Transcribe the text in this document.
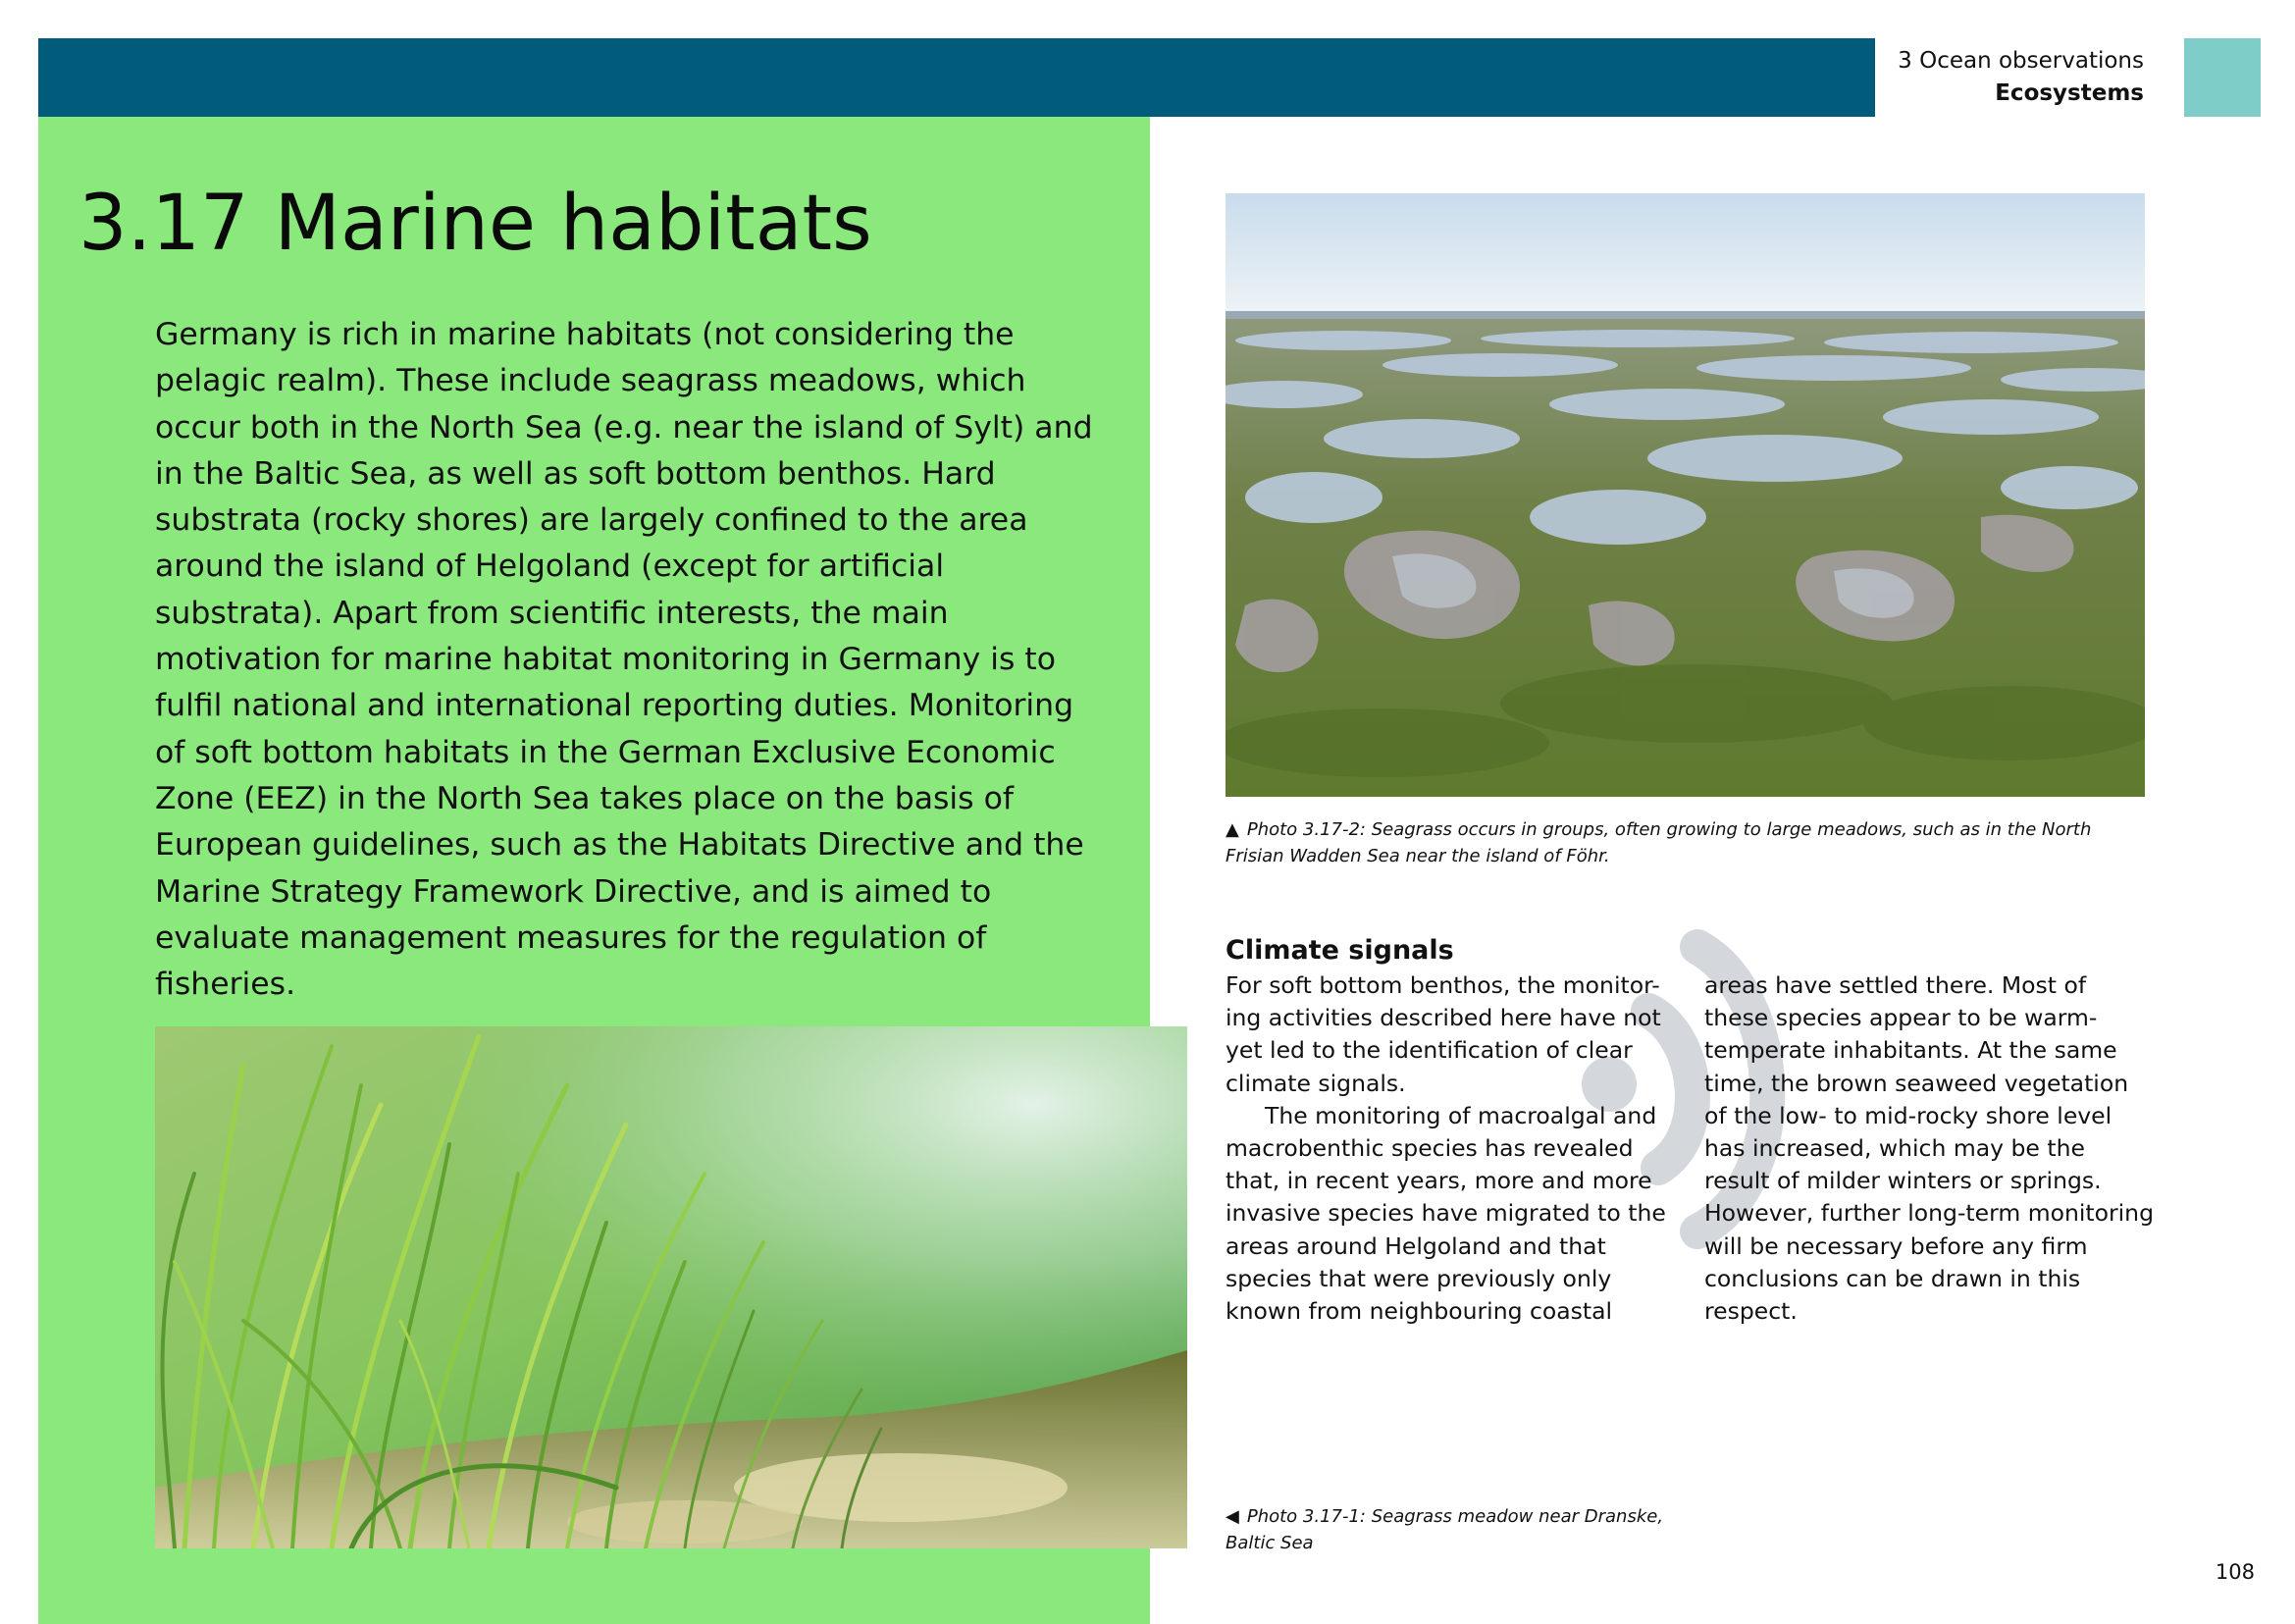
3 Ocean observations
Ecosystems
3.17 Marine habitats

Germany is rich in marine habitats (not considering the pelagic realm). These include seagrass meadows, which occur both in the North Sea (e.g. near the island of Sylt) and in the Baltic Sea, as well as soft bottom benthos. Hard substrata (rocky shores) are largely confined to the area around the island of Helgoland (except for artificial substrata). Apart from scientific interests, the main motivation for marine habitat monitoring in Germany is to fulfil national and international reporting duties. Monitoring of soft bottom habitats in the German Exclusive Economic Zone (EEZ) in the North Sea takes place on the basis of European guidelines, such as the Habitats Directive and the Marine Strategy Framework Directive, and is aimed to evaluate management measures for the regulation of fisheries.

▲ Photo 3.17-2: Seagrass occurs in groups, often growing to large meadows, such as in the North Frisian Wadden Sea near the island of Föhr.

Climate signals

For soft bottom benthos, the monitor-ing activities described here have not yet led to the identification of clear climate signals.

The monitoring of macroalgal and macrobenthic species has revealed that, in recent years, more and more invasive species have migrated to the areas around Helgoland and that species that were previously only known from neighbouring coastal

areas have settled there. Most of these species appear to be warm-temperate inhabitants. At the same time, the brown seaweed vegetation of the low- to mid-rocky shore level has increased, which may be the result of milder winters or springs. However, further long-term monitoring will be necessary before any firm conclusions can be drawn in this respect.

◀ Photo 3.17-1: Seagrass meadow near Dranske, Baltic Sea

108
